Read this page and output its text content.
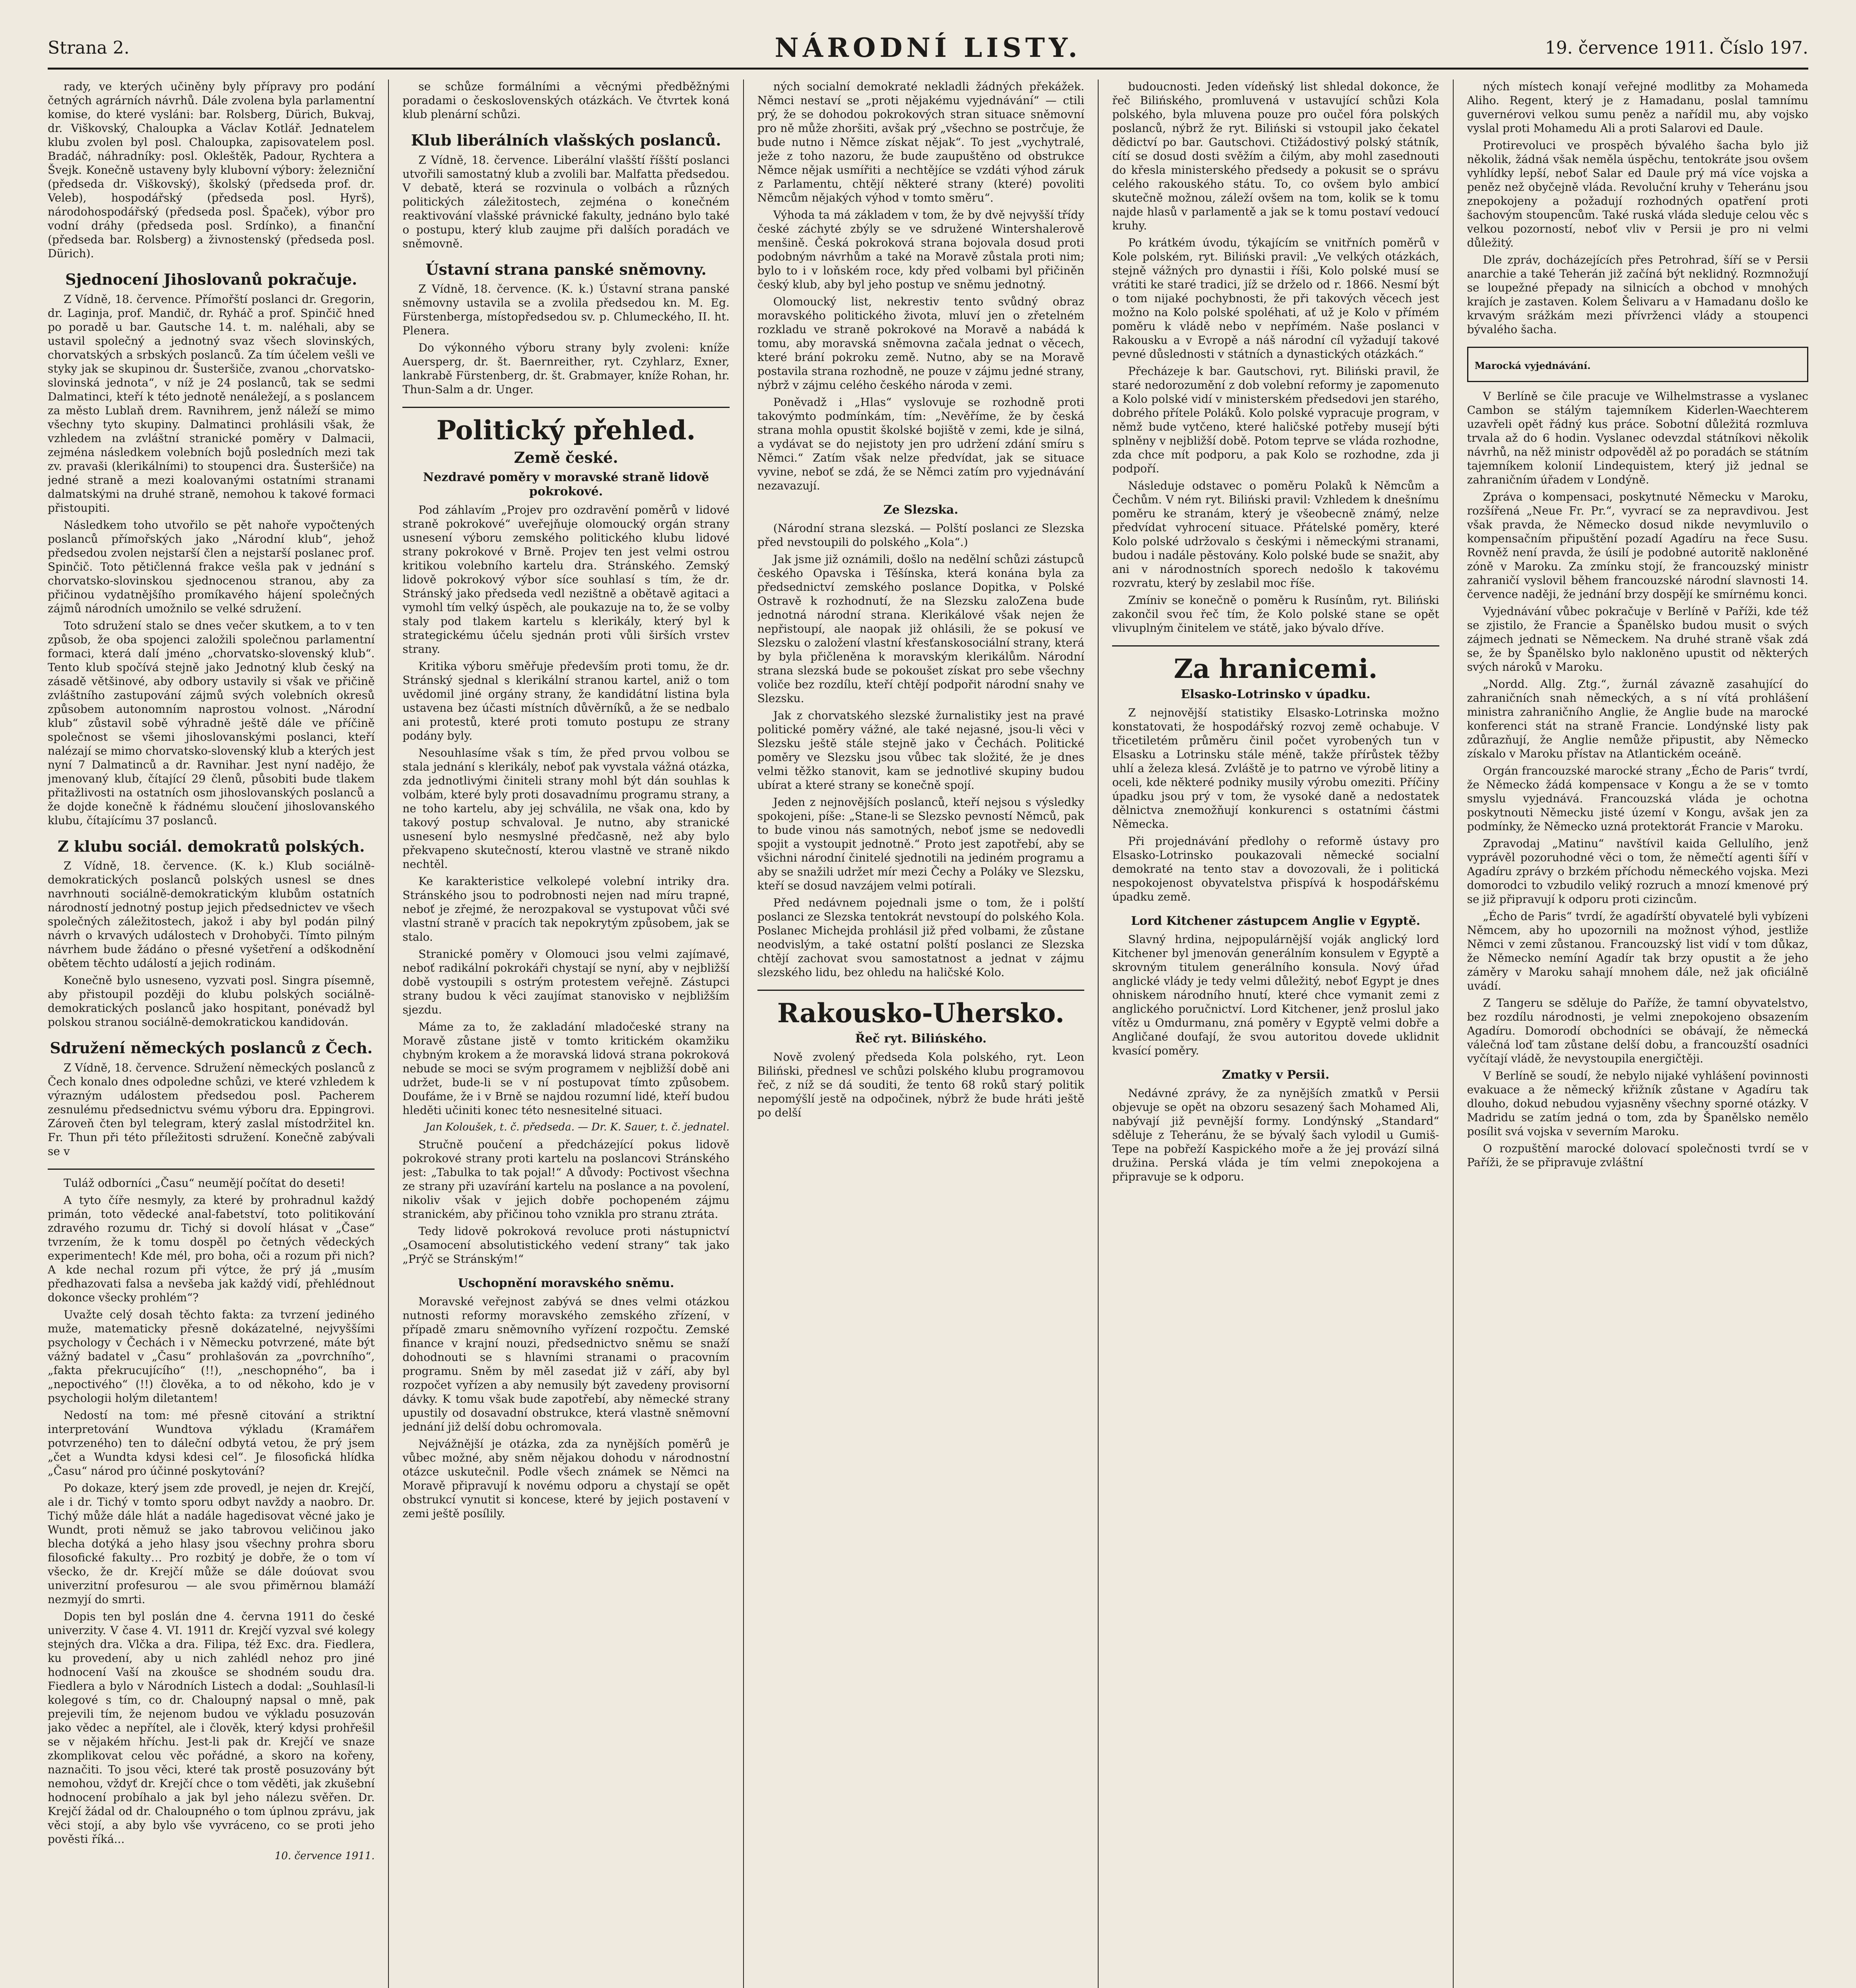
Strana 2.	NÁRODNÍ LISTY.	19. července 1911. Číslo 197.

rady, ve kterých učiněny byly přípravy pro podání četných agrárních návrhů. Dále zvolena byla parlamentní komise, do které vysláni: bar. Rolsberg, Dürich, Bukvaj, dr. Viškovský, Chaloupka a Václav Kotlář. Jednatelem klubu zvolen byl posl. Chaloupka, zapisovatelem posl. Bradáč, náhradníky: posl. Okleštěk, Padour, Rychtera a Švejk. Konečně ustaveny byly klubovní výbory: železniční (předseda dr. Viškovský), školský (předseda prof. dr. Veleb), hospodářský (předseda posl. Hyrš), národohospodářský (předseda posl. Špaček), výbor pro vodní dráhy (předseda posl. Srdínko), a finanční (předseda bar. Rolsberg) a živnostenský (předseda posl. Dürich).

Sjednocení Jihoslovanů pokračuje.

Z Vídně, 18. července. Přímořští poslanci dr. Gregorin, dr. Laginja, prof. Mandič, dr. Ryháč a prof. Spinčič hned po poradě u bar. Gautsche 14. t. m. naléhali, aby se ustavil společný a jednotný svaz všech slovinských, chorvatských a srbských poslanců. Za tím účelem vešli ve styky jak se skupinou dr. Šusteršiče, zvanou „chorvatsko-slovinská jednota“, v níž je 24 poslanců, tak se sedmi Dalmatinci, kteří k této jednotě nenáležejí, a s poslancem za město Lublaň drem. Ravnihrem, jenž náleží se mimo všechny tyto skupiny. Dalmatinci prohlásili však, že vzhledem na zvláštní stranické poměry v Dalmacii, zejména následkem volebních bojů posledních mezi tak zv. pravaši (klerikálními) to stoupenci dra. Šusteršiče) na jedné straně a mezi koalovanými ostatními stranami dalmatskými na druhé straně, nemohou k takové formaci přistoupiti.

Následkem toho utvořilo se pět nahoře vypočtených poslanců přímořských jako „Národní klub“, jehož předsedou zvolen nejstarší člen a nejstarší poslanec prof. Spinčič. Toto pětičlenná frakce vešla pak v jednání s chorvatsko-slovinskou sjednocenou stranou, aby za přičinou vydatnějšího promíkavého hájení společných zájmů národních umožnilo se velké sdružení.

Toto sdružení stalo se dnes večer skutkem, a to v ten způsob, že oba spojenci založili společnou parlamentní formaci, která dalí jméno „chorvatsko-slovenský klub“. Tento klub spočívá stejně jako Jednotný klub český na zásadě většinové, aby odbory ustavily si však ve přičině zvláštního zastupování zájmů svých volebních okresů způsobem autonomním naprostou volnost. „Národní klub“ zůstavil sobě výhradně ještě dále ve příčině společnost se všemi jihoslovanskými poslanci, kteří nalézají se mimo chorvatsko-slovenský klub a kterých jest nyní 7 Dalmatinců a dr. Ravnihar. Jest nyní nadějo, že jmenovaný klub, čítající 29 členů, působiti bude tlakem přitažlivosti na ostatních osm jihoslovanských poslanců a že dojde konečně k řádnému sloučení jihoslovanského klubu, čítajícímu 37 poslanců.

Z klubu sociál. demokratů polských.

Z Vídně, 18. července. (K. k.) Klub sociálně-demokratických poslanců polských usnesl se dnes navrhnouti sociálně-demokratickým klubům ostatních národností jednotný postup jejich předsednictev ve všech společných záležitostech, jakož i aby byl podán pilný návrh o krvavých událostech v Drohobyči. Tímto pilným návrhem bude žádáno o přesné vyšetření a odškodnění obětem těchto událostí a jejich rodinám.

Konečně bylo usneseno, vyzvati posl. Singra písemně, aby přistoupil později do klubu polských sociálně-demokratických poslanců jako hospitant, ponévadž byl polskou stranou sociálně-demokratickou kandidován.

Sdružení německých poslanců z Čech.

Z Vídně, 18. července. Sdružení německých poslanců z Čech konalo dnes odpoledne schůzi, ve které vzhledem k výrazným událostem předsedou posl. Pacherem zesnulému předsednictvu svému výboru dra. Eppingrovi. Zároveň čten byl telegram, který zaslal místodržitel kn. Fr. Thun při této příležitosti sdružení. Konečně zabývali se v

Tuláž odborníci „Času“ neumějí počítat do deseti!

A tyto číře nesmyly, za které by prohradnul každý primán, toto vědecké anal-fabetství, toto politikování zdravého rozumu dr. Tichý si dovolí hlásat v „Čase“ tvrzením, že k tomu dospěl po četných vědeckých experimentech! Kde mél, pro boha, oči a rozum při nich? A kde nechal rozum při výtce, že prý já „musím předhazovati falsa a nevšeba jak každý vidí, přehlédnout dokonce všecky prohlém“?

Uvažte celý dosah těchto fakta: za tvrzení jediného muže, matematicky přesně dokázatelné, nejvyššími psychology v Čechách i v Německu potvrzené, máte být vážný badatel v „Času“ prohlašován za „povrchního“, „fakta překrucujícího“ (!!), „neschopného“, ba i „nepoctivého“ (!!) člověka, a to od někoho, kdo je v psychologii holým diletantem!

Nedostí na tom: mé přesně citování a striktní interpretování Wundtova výkladu (Kramářem potvrzeného) ten to dáleční odbytá vetou, že prý jsem „čet a Wundta kdysi kdesi cel“. Je filosofická hlídka „Času“ národ pro účinné poskytování?

Po dokaze, který jsem zde provedl, je nejen dr. Krejčí, ale i dr. Tichý v tomto sporu odbyt navždy a naobro. Dr. Tichý může dále hlát a nadále hagedisovat věcné jako je Wundt, proti němuž se jako tabrovou veličinou jako blecha dotýká a jeho hlasy jsou všechny prohra sboru filosofické fakulty… Pro rozbitý je dobře, že o tom ví všecko, že dr. Krejčí může se dále doúovat svou univerzitní profesurou — ale svou přiměrnou blamáží nezmyjí do smrti.

Dopis ten byl poslán dne 4. června 1911 do české univerzity. V čase 4. VI. 1911 dr. Krejčí vyzval své kolegy stejných dra. Vlčka a dra. Filipa, též Exc. dra. Fiedlera, ku provedení, aby u nich zahlédl nehoz pro jiné hodnocení Vaší na zkoušce se shodném soudu dra. Fiedlera a bylo v Národních Listech a dodal: „Souhlasíl-li kolegové s tím, co dr. Chaloupný napsal o mně, pak prejevili tím, že nejenom budou ve výkladu posuzován jako vědec a nepřítel, ale i člověk, který kdysi prohřešil se v nějakém hříchu. Jest-li pak dr. Krejčí ve snaze zkomplikovat celou věc pořádné, a skoro na kořeny, naznačiti. To jsou věci, které tak prostě posuzovány být nemohou, vždyť dr. Krejčí chce o tom věděti, jak zkušební hodnocení probíhalo a jak byl jeho nálezu svěřen. Dr. Krejčí žádal od dr. Chaloupného o tom úplnou zprávu, jak věci stojí, a aby bylo vše vyvráceno, co se proti jeho pověsti říká...

10. července 1911.

se schůze formálními a věcnými předběžnými poradami o československých otázkách. Ve čtvrtek koná klub plenární schůzi.

Klub liberálních vlašských poslanců.

Z Vídně, 18. července. Liberální vlašští říšští poslanci utvořili samostatný klub a zvolili bar. Malfatta předsedou. V debatě, která se rozvinula o volbách a různých politických záležitostech, zejména o konečném reaktivování vlašské právnické fakulty, jednáno bylo také o postupu, který klub zaujme při dalších poradách ve sněmovně.

Ústavní strana panské sněmovny.

Z Vídně, 18. července. (K. k.) Ústavní strana panské sněmovny ustavila se a zvolila předsedou kn. M. Eg. Fürstenberga, místopředsedou sv. p. Chlumeckého, II. ht. Plenera.

Do výkonného výboru strany byly zvoleni: kníže Auersperg, dr. št. Baernreither, ryt. Czyhlarz, Exner, lankrabě Fürstenberg, dr. št. Grabmayer, kníže Rohan, hr. Thun-Salm a dr. Unger.

Politický přehled.
Země české.
Nezdravé poměry v moravské straně lidově pokrokové.

Pod záhlavím „Projev pro ozdravění poměrů v lidové straně pokrokové“ uveřejňuje olomoucký orgán strany usnesení výboru zemského politického klubu lidové strany pokrokové v Brně. Projev ten jest velmi ostrou kritikou volebního kartelu dra. Stránského. Zemský lidově pokrokový výbor síce souhlasí s tím, že dr. Stránský jako předseda vedl nezištně a obětavě agitaci a vymohl tím velký úspěch, ale poukazuje na to, že se volby staly pod tlakem kartelu s klerikály, který byl k strategickému účelu sjednán proti vůli širších vrstev strany.

Kritika výboru směřuje především proti tomu, že dr. Stránský sjednal s klerikální stranou kartel, aniž o tom uvědomil jiné orgány strany, že kandidátní listina byla ustavena bez účasti místních důvěrníků, a že se nedbalo ani protestů, které proti tomuto postupu ze strany podány byly.

Nesouhlasíme však s tím, že před prvou volbou se stala jednání s klerikály, neboť pak vyvstala vážná otázka, zda jednotlivými činiteli strany mohl být dán souhlas k volbám, které byly proti dosavadnímu programu strany, a ne toho kartelu, aby jej schválila, ne však ona, kdo by takový postup schvaloval. Je nutno, aby stranické usnesení bylo nesmyslné předčasně, než aby bylo překvapeno skutečností, kterou vlastně ve straně nikdo nechtěl.

Ke karakteristice velkolepé volební intriky dra. Stránského jsou to podrobnosti nejen nad míru trapné, neboť je zřejmé, že nerozpakoval se vystupovat vůči své vlastní straně v pracích tak nepokrytým způsobem, jak se stalo.

Stranické poměry v Olomouci jsou velmi zajímavé, neboť radikální pokrokáři chystají se nyní, aby v nejbližší době vystoupili s ostrým protestem veřejně. Zástupci strany budou k věci zaujímat stanovisko v nejbližším sjezdu.

Máme za to, že zakladání mladočeské strany na Moravě zůstane jistě v tomto kritickém okamžiku chybným krokem a že moravská lidová strana pokroková nebude se moci se svým programem v nejbližší době ani udržet, bude-li se v ní postupovat tímto způsobem. Doufáme, že i v Brně se najdou rozumní lidé, kteří budou hleděti učiniti konec této nesnesitelné situaci.

Jan Koloušek, t. č. předseda. — Dr. K. Sauer, t. č. jednatel.

Stručně poučení a předcházející pokus lidově pokrokové strany proti kartelu na poslancovi Stránského jest: „Tabulka to tak pojal!“ A důvody: Poctivost všechna ze strany při uzavírání kartelu na poslance a na povolení, nikoliv však v jejich dobře pochopeném zájmu stranickém, aby přičinou toho vznikla pro stranu ztráta.

Tedy lidově pokroková revoluce proti nástupnictví „Osamocení absolutistického vedení strany“ tak jako „Prýč se Stránským!“

Uschopnění moravského sněmu.

Moravské veřejnost zabývá se dnes velmi otázkou nutnosti reformy moravského zemského zřízení, v případě zmaru sněmovního vyřízení rozpočtu. Zemské finance v krajní nouzi, předsednictvo sněmu se snaží dohodnouti se s hlavními stranami o pracovním programu. Sněm by měl zasedat již v září, aby byl rozpočet vyřízen a aby nemusily být zavedeny provisorní dávky. K tomu však bude zapotřebí, aby německé strany upustily od dosavadní obstrukce, která vlastně sněmovní jednání již delší dobu ochromovala.

Nejvážnější je otázka, zda za nynějších poměrů je vůbec možné, aby sněm nějakou dohodu v národnostní otázce uskutečnil. Podle všech známek se Němci na Moravě připravují k novému odporu a chystají se opět obstrukcí vynutit si koncese, které by jejich postavení v zemi ještě posílily.

ných socialní demokraté nekladli žádných překážek. Němci nestaví se „proti nějakému vyjednávání“ — ctili prý, že se dohodou pokrokových stran situace sněmovní pro ně může zhoršiti, avšak prý „všechno se postrčuje, že bude nutno i Němce získat nějak“. To jest „vychytralé, ježe z toho nazoru, že bude zaupuštěno od obstrukce Němce nějak usmířiti a nechtějíce se vzdáti výhod záruk z Parlamentu, chtějí některé strany (které) povoliti Němcům nějakých výhod v tomto směru“.

Výhoda ta má základem v tom, že by dvě nejvyšší třídy české záchyté zbýly se ve sdružené Wintershalerově menšině. Česká pokroková strana bojovala dosud proti podobným návrhům a také na Moravě zůstala proti nim; bylo to i v loňském roce, kdy před volbami byl přičiněn český klub, aby byl jeho postup ve sněmu jednotný.

Olomoucký list, nekrestiv tento svůdný obraz moravského politického života, mluví jen o zřetelném rozkladu ve straně pokrokové na Moravě a nabádá k tomu, aby moravská sněmovna začala jednat o věcech, které brání pokroku země. Nutno, aby se na Moravě postavila strana rozhodně, ne pouze v zájmu jedné strany, nýbrž v zájmu celého českého národa v zemi.

Poněvadž i „Hlas“ vyslovuje se rozhodně proti takovýmto podmínkám, tím: „Nevěříme, že by česká strana mohla opustit školské bojiště v zemi, kde je silná, a vydávat se do nejistoty jen pro udržení zdání smíru s Němci.“ Zatím však nelze předvídat, jak se situace vyvine, neboť se zdá, že se Němci zatím pro vyjednávání nezavazují.

Ze Slezska.

(Národní strana slezská. — Polští poslanci ze Slezska před nevstoupili do polského „Kola“.)

Jak jsme již oznámili, došlo na nedělní schůzi zástupců českého Opavska i Těšínska, která konána byla za předsednictví zemského poslance Dopitka, v Polské Ostravě k rozhodnutí, že na Slezsku zaloZena bude jednotná národní strana. Klerikálové však nejen že nepřistoupí, ale naopak již ohlásili, že se pokusí ve Slezsku o založení vlastní křesťanskosociální strany, která by byla přičleněna k moravským klerikálům. Národní strana slezská bude se pokoušet získat pro sebe všechny voliče bez rozdílu, kteří chtějí podpořit národní snahy ve Slezsku.

Jak z chorvatského slezské žurnalistiky jest na pravé politické poměry vážné, ale také nejasné, jsou-li věci v Slezsku ještě stále stejně jako v Čechách. Politické poměry ve Slezsku jsou vůbec tak složité, že je dnes velmi těžko stanovit, kam se jednotlivé skupiny budou ubírat a které strany se konečně spojí.

Jeden z nejnovějších poslanců, kteří nejsou s výsledky spokojeni, píše: „Stane-li se Slezsko pevností Němců, pak to bude vinou nás samotných, neboť jsme se nedovedli spojit a vystoupit jednotně.“ Proto jest zapotřebí, aby se všichni národní činitelé sjednotili na jediném programu a aby se snažili udržet mír mezi Čechy a Poláky ve Slezsku, kteří se dosud navzájem velmi potírali.

Před nedávnem pojednali jsme o tom, že i polští poslanci ze Slezska tentokrát nevstoupí do polského Kola. Poslanec Michejda prohlásil již před volbami, že zůstane neodvislým, a také ostatní polští poslanci ze Slezska chtějí zachovat svou samostatnost a jednat v zájmu slezského lidu, bez ohledu na haličské Kolo.

Rakousko-Uhersko.
Řeč ryt. Bilińského.

Nově zvolený předseda Kola polského, ryt. Leon Biliński, přednesl ve schůzi polského klubu programovou řeč, z níž se dá souditi, že tento 68 roků starý politik nepomýšlí jestě na odpočinek, nýbrž že bude hráti ještě po delší

budoucnosti. Jeden vídeňský list shledal dokonce, že řeč Bilińského, promluvená v ustavující schůzi Kola polského, byla mluvena pouze pro oučel fóra polských poslanců, nýbrž že ryt. Biliński si vstoupil jako čekatel dědictví po bar. Gautschovi. Ctižádostivý polský státník, cítí se dosud dosti svěžím a čilým, aby mohl zasednouti do křesla ministerského předsedy a pokusit se o správu celého rakouského státu. To, co ovšem bylo ambicí skutečně možnou, záleží ovšem na tom, kolik se k tomu najde hlasů v parlamentě a jak se k tomu postaví vedoucí kruhy.

Po krátkém úvodu, týkajícím se vnitřních poměrů v Kole polském, ryt. Biliński pravil: „Ve velkých otázkách, stejně vážných pro dynastii i říši, Kolo polské musí se vrátiti ke staré tradici, jíž se drželo od r. 1866. Nesmí být o tom nijaké pochybnosti, že při takových věcech jest možno na Kolo polské spoléhati, ať už je Kolo v přímém poměru k vládě nebo v nepřímém. Naše poslanci v Rakousku a v Evropě a náš národní cíl vyžadují takové pevné důslednosti v státních a dynastických otázkách.“

Přecházeje k bar. Gautschovi, ryt. Biliński pravil, že staré nedorozumění z dob volební reformy je zapomenuto a Kolo polské vidí v ministerském předsedovi jen starého, dobrého přítele Poláků. Kolo polské vypracuje program, v němž bude vytčeno, které haličské potřeby musejí býti splněny v nejbližší době. Potom teprve se vláda rozhodne, zda chce mít podporu, a pak Kolo se rozhodne, zda ji podpoří.

Následuje odstavec o poměru Polaků k Němcům a Čechům. V ném ryt. Biliński pravil: Vzhledem k dnešnímu poměru ke stranám, který je všeobecně známý, nelze předvídat vyhrocení situace. Přátelské poměry, které Kolo polské udržovalo s českými i německými stranami, budou i nadále pěstovány. Kolo polské bude se snažit, aby ani v národnostních sporech nedošlo k takovému rozvratu, který by zeslabil moc říše.

Zmíniv se konečně o poměru k Rusínům, ryt. Biliński zakončil svou řeč tím, že Kolo polské stane se opět vlivuplným činitelem ve státě, jako bývalo dříve.

Za hranicemi.
Elsasko-Lotrinsko v úpadku.

Z nejnovější statistiky Elsasko-Lotrinska možno konstatovati, že hospodářský rozvoj země ochabuje. V třicetiletém průměru činil počet vyrobených tun v Elsasku a Lotrinsku stále méně, takže přírůstek těžby uhlí a železa klesá. Zvláště je to patrno ve výrobě litiny a oceli, kde některé podniky musily výrobu omeziti. Příčiny úpadku jsou prý v tom, že vysoké daně a nedostatek dělnictva znemožňují konkurenci s ostatními částmi Německa.

Při projednávání předlohy o reformě ústavy pro Elsasko-Lotrinsko poukazovali německé socialní demokraté na tento stav a dovozovali, že i politická nespokojenost obyvatelstva přispívá k hospodářskému úpadku země.

Lord Kitchener zástupcem Anglie v Egyptě.

Slavný hrdina, nejpopulárnější voják anglický lord Kitchener byl jmenován generálním konsulem v Egyptě a skrovným titulem generálního konsula. Nový úřad anglické vlády je tedy velmi důležitý, neboť Egypt je dnes ohniskem národního hnutí, které chce vymanit zemi z anglického poručnictví. Lord Kitchener, jenž proslul jako vítěz u Omdurmanu, zná poměry v Egyptě velmi dobře a Angličané doufají, že svou autoritou dovede uklidnit kvasící poměry.

Zmatky v Persii.

Nedávné zprávy, že za nynějších zmatků v Persii objevuje se opět na obzoru sesazený šach Mohamed Ali, nabývají již pevnější formy. Londýnský „Standard“ sděluje z Teheránu, že se bývalý šach vylodil u Gumiš-Tepe na pobřeží Kaspického moře a že jej provází silná družina. Perská vláda je tím velmi znepokojena a připravuje se k odporu.

ných místech konají veřejné modlitby za Mohameda Aliho. Regent, který je z Hamadanu, poslal tamnímu guvernérovi velkou sumu peněz a nařídil mu, aby vojsko vyslal proti Mohamedu Ali a proti Salarovi ed Daule.

Protirevoluci ve prospěch bývalého šacha bylo již několik, žádná však neměla úspěchu, tentokráte jsou ovšem vyhlídky lepší, neboť Salar ed Daule prý má více vojska a peněz než obyčejně vláda. Revoluční kruhy v Teheránu jsou znepokojeny a požadují rozhodných opatření proti šachovým stoupencům. Také ruská vláda sleduje celou věc s velkou pozorností, neboť vliv v Persii je pro ni velmi důležitý.

Dle zpráv, docházejících přes Petrohrad, šíří se v Persii anarchie a také Teherán již začíná být neklidný. Rozmnožují se loupežné přepady na silnicích a obchod v mnohých krajích je zastaven. Kolem Šelivaru a v Hamadanu došlo ke krvavým srážkám mezi přívrženci vlády a stoupenci bývalého šacha.

Marocká vyjednávání.

V Berlíně se čile pracuje ve Wilhelmstrasse a vyslanec Cambon se stálým tajemníkem Kiderlen-Waechterem uzavřeli opět řádný kus práce. Sobotní důležitá rozmluva trvala až do 6 hodin. Vyslanec odevzdal státníkovi několik návrhů, na něž ministr odpověděl až po poradách se státním tajemníkem kolonií Lindequistem, který již jednal se zahraničním úřadem v Londýně.

Zpráva o kompensaci, poskytnuté Německu v Maroku, rozšířená „Neue Fr. Pr.“, vyvrací se za nepravdivou. Jest však pravda, že Německo dosud nikde nevymluvilo o kompensačním připuštění pozadí Agadíru na řece Susu. Rovněž není pravda, že úsilí je podobné autoritě nakloněné zóně v Maroku. Za zmínku stojí, že francouzský ministr zahraničí vyslovil během francouzské národní slavnosti 14. července naději, že jednání brzy dospějí ke smírnému konci.

Vyjednávání vůbec pokračuje v Berlíně v Paříži, kde též se zjistilo, že Francie a Španělsko budou musit o svých zájmech jednati se Německem. Na druhé straně však zdá se, že by Španělsko bylo nakloněno upustit od některých svých nároků v Maroku.

„Nordd. Allg. Ztg.“, žurnál závazně zasahující do zahraničních snah německých, a s ní vítá prohlášení ministra zahraničního Anglie, že Anglie bude na marocké konferenci stát na straně Francie. Londýnské listy pak zdůrazňují, že Anglie nemůže připustit, aby Německo získalo v Maroku přístav na Atlantickém oceáně.

Orgán francouzské marocké strany „Écho de Paris“ tvrdí, že Německo žádá kompensace v Kongu a že se v tomto smyslu vyjednává. Francouzská vláda je ochotna poskytnouti Německu jisté území v Kongu, avšak jen za podmínky, že Německo uzná protektorát Francie v Maroku.

Zpravodaj „Matinu“ navštívil kaida Gellulího, jenž vyprávěl pozoruhodné věci o tom, že němečtí agenti šíří v Agadíru zprávy o brzkém příchodu německého vojska. Mezi domorodci to vzbudilo veliký rozruch a mnozí kmenové prý se již připravují k odporu proti cizincům.

„Écho de Paris“ tvrdí, že agadírští obyvatelé byli vybízeni Němcem, aby ho upozornili na možnost výhod, jestliže Němci v zemi zůstanou. Francouzský list vidí v tom důkaz, že Německo nemíní Agadír tak brzy opustit a že jeho záměry v Maroku sahají mnohem dále, než jak oficiálně uvádí.

Z Tangeru se sděluje do Paříže, že tamní obyvatelstvo, bez rozdílu národnosti, je velmi znepokojeno obsazením Agadíru. Domorodí obchodníci se obávají, že německá válečná loď tam zůstane delší dobu, a francouzští osadníci vyčítají vládě, že nevystoupila energičtěji.

V Berlíně se soudí, že nebylo nijaké vyhlášení povinnosti evakuace a že německý křižník zůstane v Agadíru tak dlouho, dokud nebudou vyjasněny všechny sporné otázky. V Madridu se zatím jedná o tom, zda by Španělsko nemělo posílit svá vojska v severním Maroku.

O rozpuštění marocké dolovací společnosti tvrdí se v Paříži, že se připravuje zvláštní
